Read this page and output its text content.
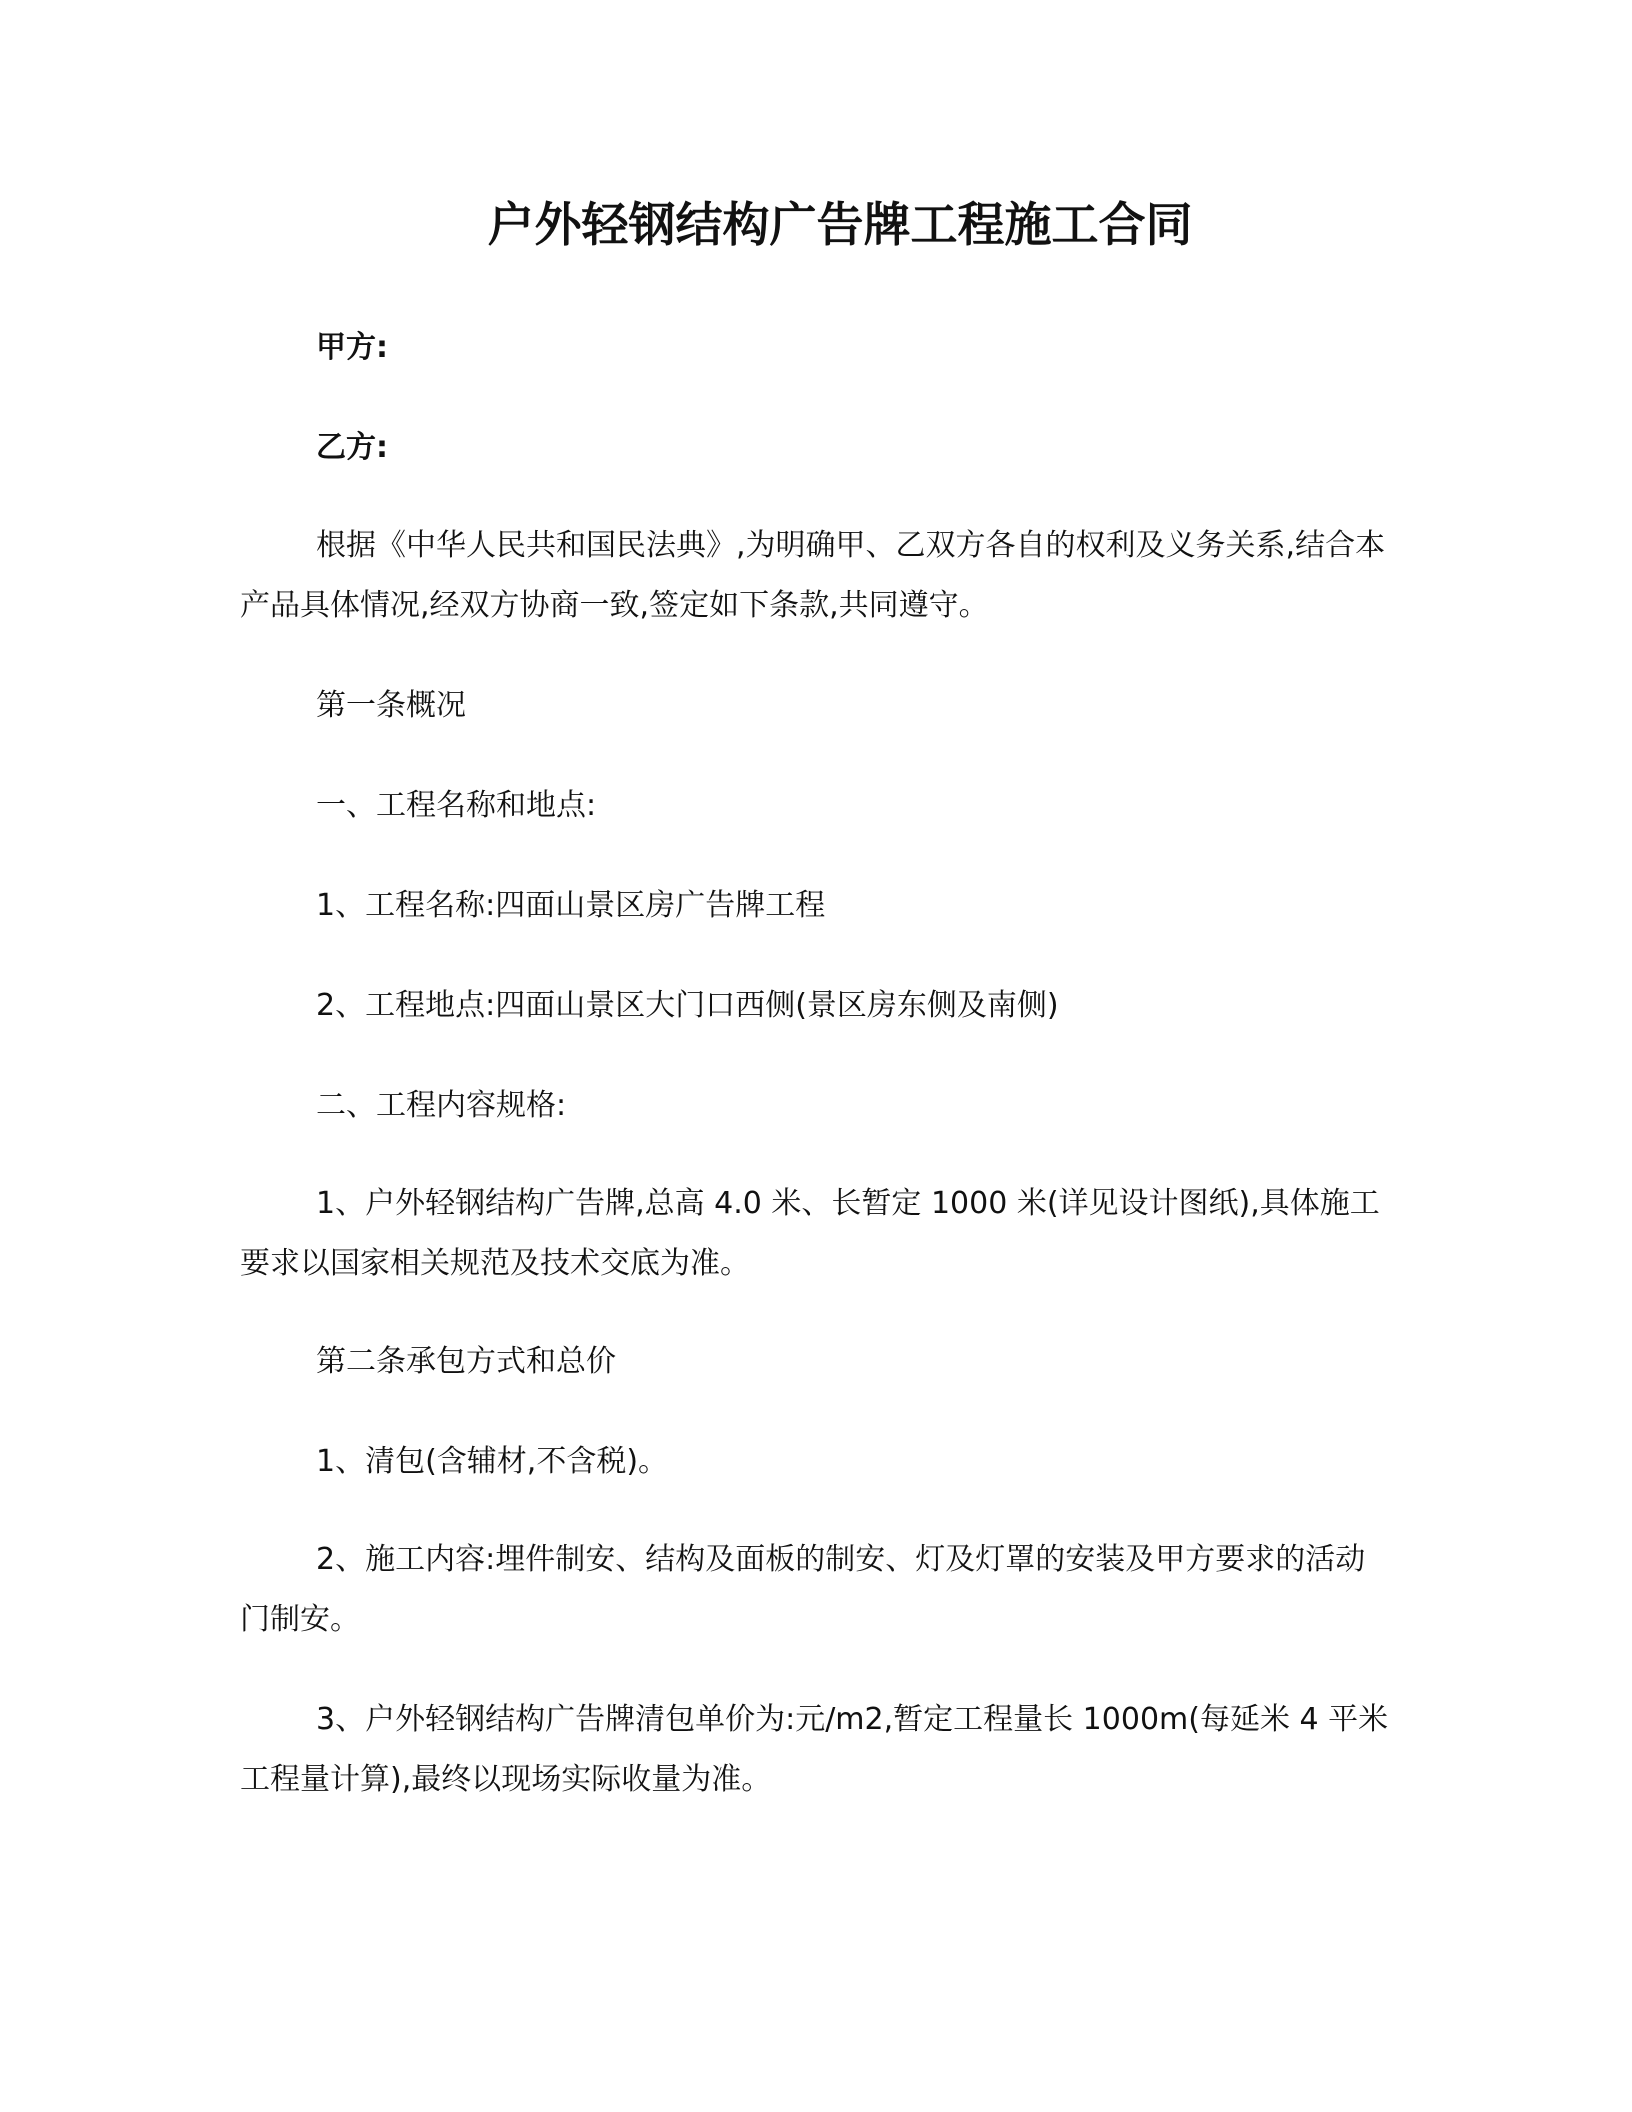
户外轻钢结构广告牌工程施工合同

甲方:

乙方:

根据《中华人民共和国民法典》,为明确甲、乙双方各自的权利及义务关系,结合本产品具体情况,经双方协商一致,签定如下条款,共同遵守。

第一条概况

一、工程名称和地点:

1、工程名称:四面山景区房广告牌工程

2、工程地点:四面山景区大门口西侧(景区房东侧及南侧)

二、工程内容规格:

1、户外轻钢结构广告牌,总高 4.0 米、长暂定 1000 米(详见设计图纸),具体施工要求以国家相关规范及技术交底为准。

第二条承包方式和总价

1、清包(含辅材,不含税)。

2、施工内容:埋件制安、结构及面板的制安、灯及灯罩的安装及甲方要求的活动门制安。

3、户外轻钢结构广告牌清包单价为:元/m2,暂定工程量长 1000m(每延米 4 平米工程量计算),最终以现场实际收量为准。
